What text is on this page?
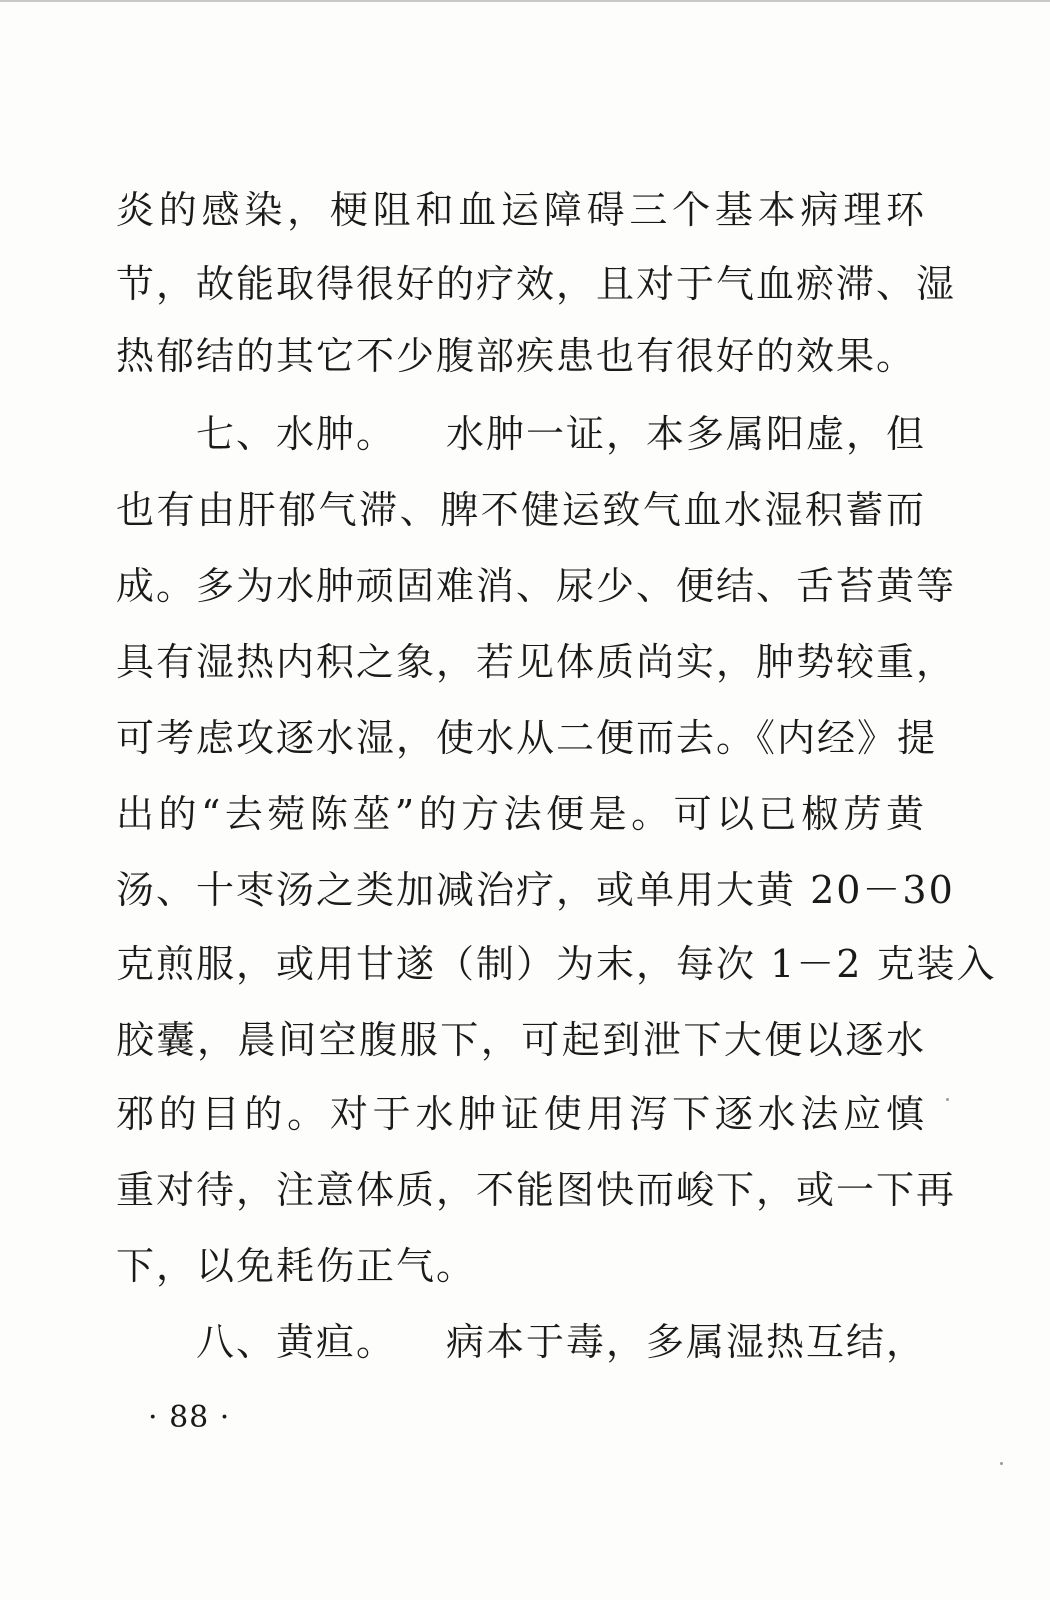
炎的感染，梗阻和血运障碍三个基本病理环
节，故能取得很好的疗效，且对于气血瘀滞、湿
热郁结的其它不少腹部疾患也有很好的效果。
七、水肿。 水肿一证，本多属阳虚，但
也有由肝郁气滞、脾不健运致气血水湿积蓄而
成。多为水肿顽固难消、尿少、便结、舌苔黄等
具有湿热内积之象，若见体质尚实，肿势较重，
可考虑攻逐水湿，使水从二便而去。《内经》提
出的“去菀陈莝”的方法便是。可以已椒苈黄
汤、十枣汤之类加减治疗，或单用大黄 20－30
克煎服，或用甘遂（制）为末，每次 1－2 克装入
胶囊，晨间空腹服下，可起到泄下大便以逐水
邪的目的。对于水肿证使用泻下逐水法应慎
重对待，注意体质，不能图快而峻下，或一下再
下，以免耗伤正气。
八、黄疸。 病本于毒，多属湿热互结，
· 88 ·
